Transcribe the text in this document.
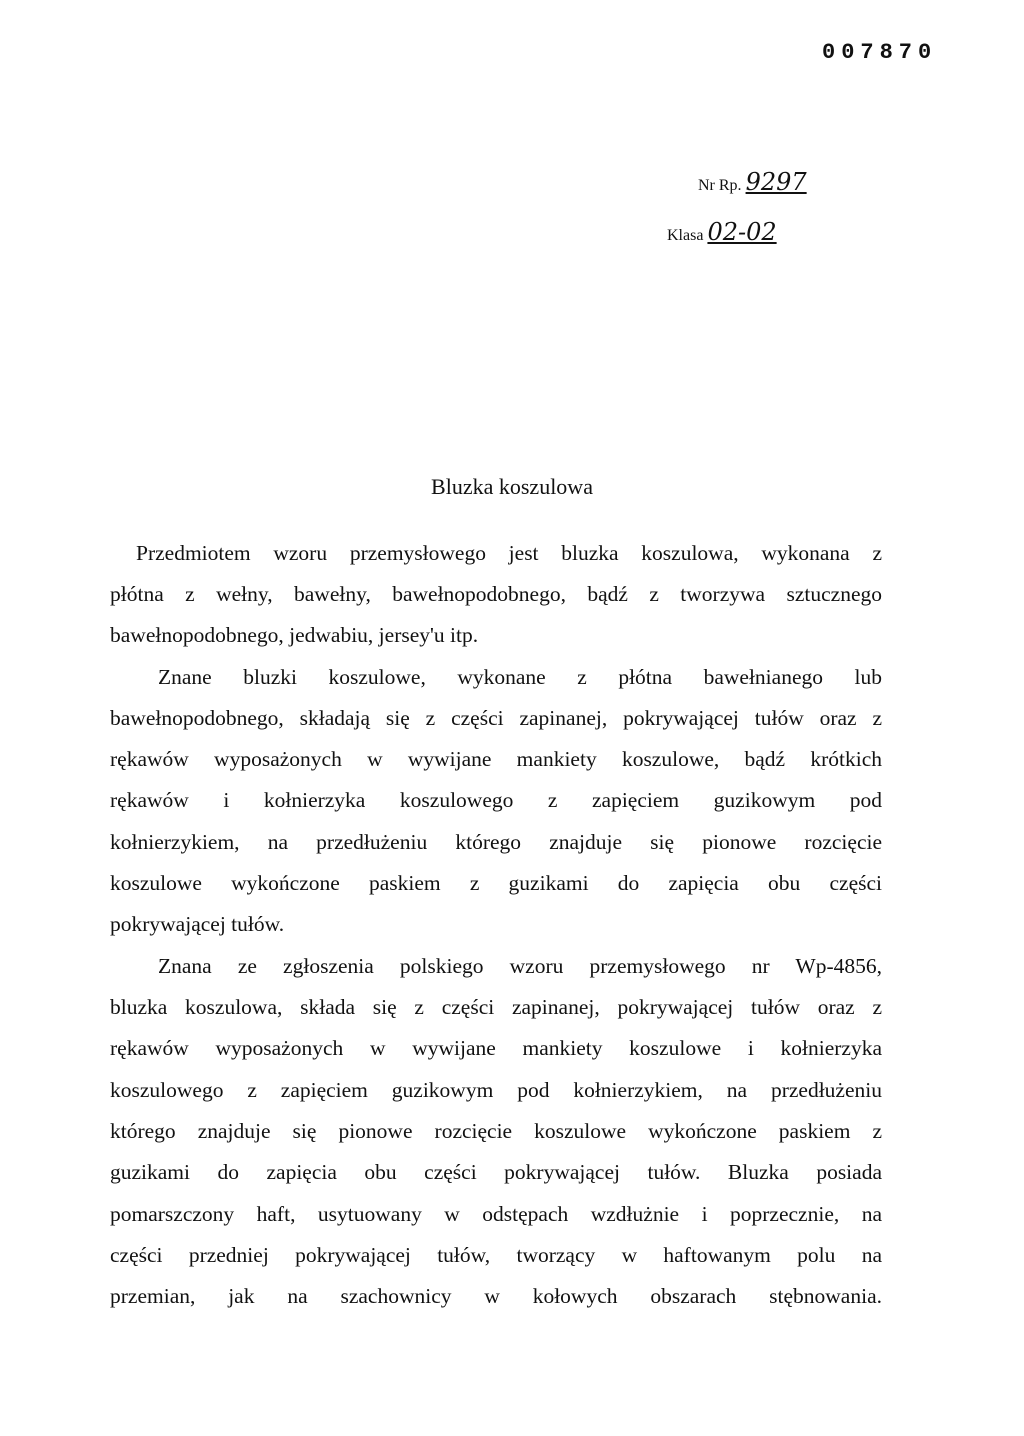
007870
Nr Rp. 9297
Klasa 02-02
Bluzka koszulowa
Przedmiotem wzoru przemysłowego jest bluzka koszulowa, wykonana z
płótna z wełny, bawełny, bawełnopodobnego, bądź z tworzywa sztucznego
bawełnopodobnego, jedwabiu, jersey'u itp.
Znane bluzki koszulowe, wykonane z płótna bawełnianego lub
bawełnopodobnego, składają się z części zapinanej, pokrywającej tułów oraz z
rękawów wyposażonych w wywijane mankiety koszulowe, bądź krótkich
rękawów i kołnierzyka koszulowego z zapięciem guzikowym pod
kołnierzykiem, na przedłużeniu którego znajduje się pionowe rozcięcie
koszulowe wykończone paskiem z guzikami do zapięcia obu części
pokrywającej tułów.
Znana ze zgłoszenia polskiego wzoru przemysłowego nr Wp-4856,
bluzka koszulowa, składa się z części zapinanej, pokrywającej tułów oraz z
rękawów wyposażonych w wywijane mankiety koszulowe i kołnierzyka
koszulowego z zapięciem guzikowym pod kołnierzykiem, na przedłużeniu
którego znajduje się pionowe rozcięcie koszulowe wykończone paskiem z
guzikami do zapięcia obu części pokrywającej tułów. Bluzka posiada
pomarszczony haft, usytuowany w odstępach wzdłużnie i poprzecznie, na
części przedniej pokrywającej tułów, tworzący w haftowanym polu na
przemian, jak na szachownicy w kołowych obszarach stębnowania.
